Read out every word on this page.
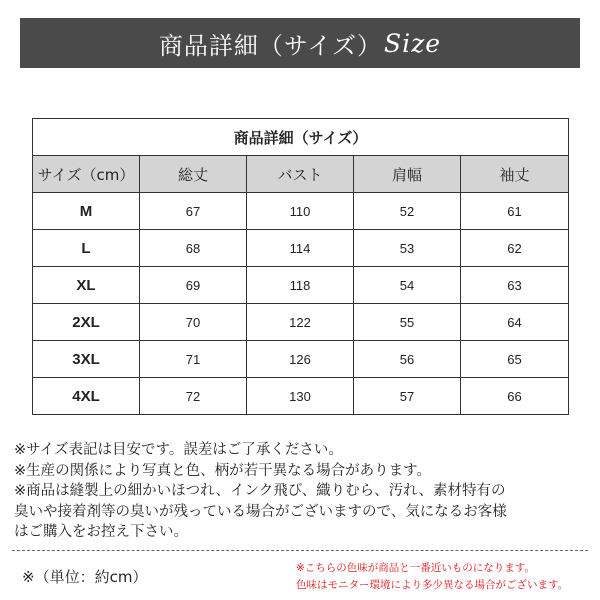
商品詳細（サイズ） Size
商品詳細（サイズ）				
サイズ（cm）	総丈	バスト	肩幅	袖丈
M	67	110	52	61
L	68	114	53	62
XL	69	118	54	63
2XL	70	122	55	64
3XL	71	126	56	65
4XL	72	130	57	66

※サイズ表記は目安です。誤差はご了承ください。

※生産の関係により写真と色、柄が若干異なる場合があります。

※商品は縫製上の細かいほつれ、インク飛び、織りむら、汚れ、素材特有の

臭いや接着剤等の臭いが残っている場合がございますので、気になるお客様

はご購入をお控え下さい。

※（単位：約cm）	※こちらの色味が商品と一番近いものになります。

色味はモニター環境により多少異なる場合がございます。
